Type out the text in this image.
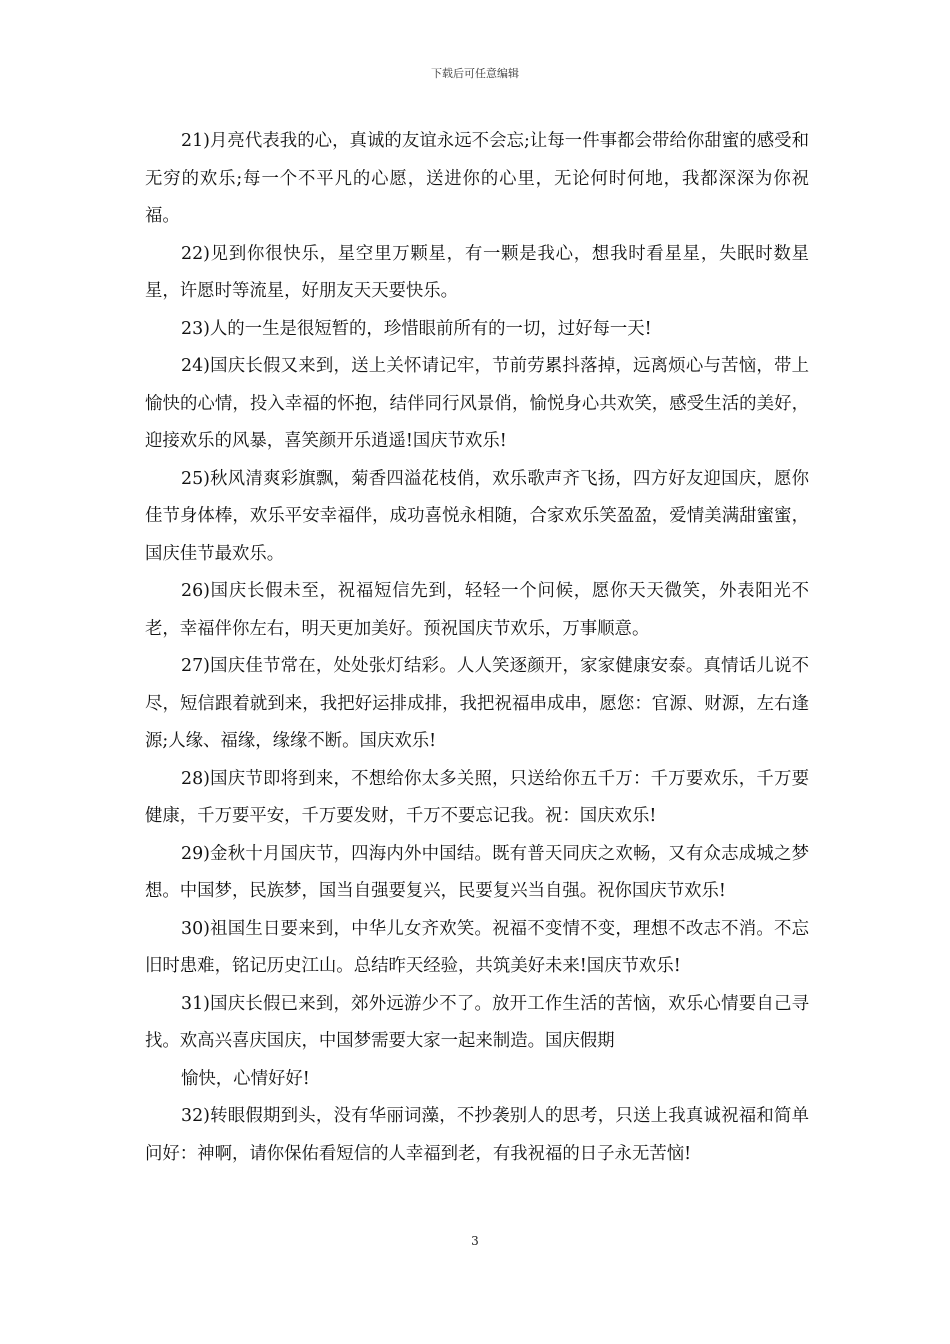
下载后可任意编辑

21)月亮代表我的心，真诚的友谊永远不会忘;让每一件事都会带给你甜蜜的感受和无穷的欢乐;每一个不平凡的心愿，送进你的心里，无论何时何地，我都深深为你祝福。

22)见到你很快乐，星空里万颗星，有一颗是我心，想我时看星星，失眠时数星星，许愿时等流星，好朋友天天要快乐。

23)人的一生是很短暂的，珍惜眼前所有的一切，过好每一天!

24)国庆长假又来到，送上关怀请记牢，节前劳累抖落掉，远离烦心与苦恼，带上愉快的心情，投入幸福的怀抱，结伴同行风景俏，愉悦身心共欢笑，感受生活的美好，迎接欢乐的风暴，喜笑颜开乐逍遥!国庆节欢乐!

25)秋风清爽彩旗飘，菊香四溢花枝俏，欢乐歌声齐飞扬，四方好友迎国庆，愿你佳节身体棒，欢乐平安幸福伴，成功喜悦永相随，合家欢乐笑盈盈，爱情美满甜蜜蜜，国庆佳节最欢乐。

26)国庆长假未至，祝福短信先到，轻轻一个问候，愿你天天微笑，外表阳光不老，幸福伴你左右，明天更加美好。预祝国庆节欢乐，万事顺意。

27)国庆佳节常在，处处张灯结彩。人人笑逐颜开，家家健康安泰。真情话儿说不尽，短信跟着就到来，我把好运排成排，我把祝福串成串，愿您：官源、财源，左右逢源;人缘、福缘，缘缘不断。国庆欢乐!

28)国庆节即将到来，不想给你太多关照，只送给你五千万：千万要欢乐，千万要健康，千万要平安，千万要发财，千万不要忘记我。祝：国庆欢乐!

29)金秋十月国庆节，四海内外中国结。既有普天同庆之欢畅，又有众志成城之梦想。中国梦，民族梦，国当自强要复兴，民要复兴当自强。祝你国庆节欢乐!

30)祖国生日要来到，中华儿女齐欢笑。祝福不变情不变，理想不改志不消。不忘旧时患难，铭记历史江山。总结昨天经验，共筑美好未来!国庆节欢乐!

31)国庆长假已来到，郊外远游少不了。放开工作生活的苦恼，欢乐心情要自己寻找。欢高兴喜庆国庆，中国梦需要大家一起来制造。国庆假期

愉快，心情好好!

32)转眼假期到头，没有华丽词藻，不抄袭别人的思考，只送上我真诚祝福和简单问好：神啊，请你保佑看短信的人幸福到老，有我祝福的日子永无苦恼!

3
